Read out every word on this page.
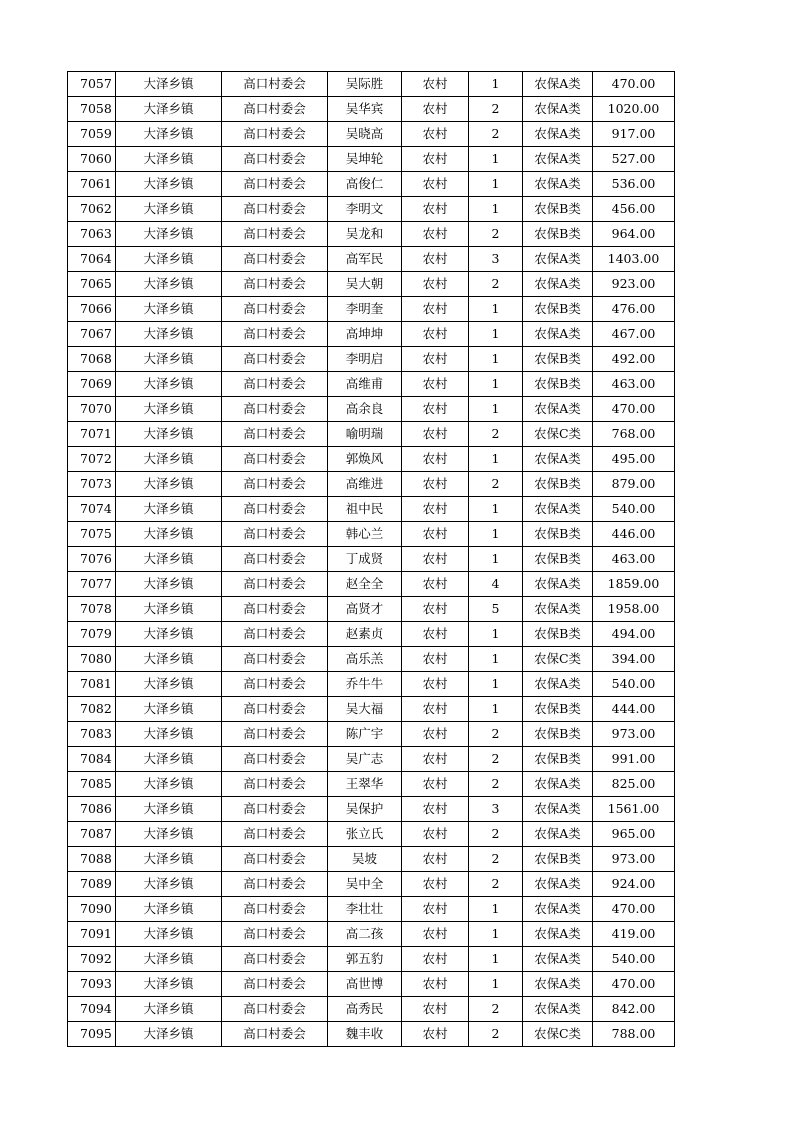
7057	大泽乡镇	高口村委会	吴际胜	农村	1	农保A类	470.00
7058	大泽乡镇	高口村委会	吴华宾	农村	2	农保A类	1020.00
7059	大泽乡镇	高口村委会	吴晓高	农村	2	农保A类	917.00
7060	大泽乡镇	高口村委会	吴坤轮	农村	1	农保A类	527.00
7061	大泽乡镇	高口村委会	高俊仁	农村	1	农保A类	536.00
7062	大泽乡镇	高口村委会	李明文	农村	1	农保B类	456.00
7063	大泽乡镇	高口村委会	吴龙和	农村	2	农保B类	964.00
7064	大泽乡镇	高口村委会	高军民	农村	3	农保A类	1403.00
7065	大泽乡镇	高口村委会	吴大朝	农村	2	农保A类	923.00
7066	大泽乡镇	高口村委会	李明奎	农村	1	农保B类	476.00
7067	大泽乡镇	高口村委会	高坤坤	农村	1	农保A类	467.00
7068	大泽乡镇	高口村委会	李明启	农村	1	农保B类	492.00
7069	大泽乡镇	高口村委会	高维甫	农村	1	农保B类	463.00
7070	大泽乡镇	高口村委会	高余良	农村	1	农保A类	470.00
7071	大泽乡镇	高口村委会	喻明瑞	农村	2	农保C类	768.00
7072	大泽乡镇	高口村委会	郭焕风	农村	1	农保A类	495.00
7073	大泽乡镇	高口村委会	高维进	农村	2	农保B类	879.00
7074	大泽乡镇	高口村委会	祖中民	农村	1	农保A类	540.00
7075	大泽乡镇	高口村委会	韩心兰	农村	1	农保B类	446.00
7076	大泽乡镇	高口村委会	丁成贤	农村	1	农保B类	463.00
7077	大泽乡镇	高口村委会	赵全全	农村	4	农保A类	1859.00
7078	大泽乡镇	高口村委会	高贤才	农村	5	农保A类	1958.00
7079	大泽乡镇	高口村委会	赵素贞	农村	1	农保B类	494.00
7080	大泽乡镇	高口村委会	高乐羔	农村	1	农保C类	394.00
7081	大泽乡镇	高口村委会	乔牛牛	农村	1	农保A类	540.00
7082	大泽乡镇	高口村委会	吴大福	农村	1	农保B类	444.00
7083	大泽乡镇	高口村委会	陈广宇	农村	2	农保B类	973.00
7084	大泽乡镇	高口村委会	吴广志	农村	2	农保B类	991.00
7085	大泽乡镇	高口村委会	王翠华	农村	2	农保A类	825.00
7086	大泽乡镇	高口村委会	吴保护	农村	3	农保A类	1561.00
7087	大泽乡镇	高口村委会	张立氏	农村	2	农保A类	965.00
7088	大泽乡镇	高口村委会	吴坡	农村	2	农保B类	973.00
7089	大泽乡镇	高口村委会	吴中全	农村	2	农保A类	924.00
7090	大泽乡镇	高口村委会	李壮壮	农村	1	农保A类	470.00
7091	大泽乡镇	高口村委会	高二孩	农村	1	农保A类	419.00
7092	大泽乡镇	高口村委会	郭五豹	农村	1	农保A类	540.00
7093	大泽乡镇	高口村委会	高世博	农村	1	农保A类	470.00
7094	大泽乡镇	高口村委会	高秀民	农村	2	农保A类	842.00
7095	大泽乡镇	高口村委会	魏丰收	农村	2	农保C类	788.00
